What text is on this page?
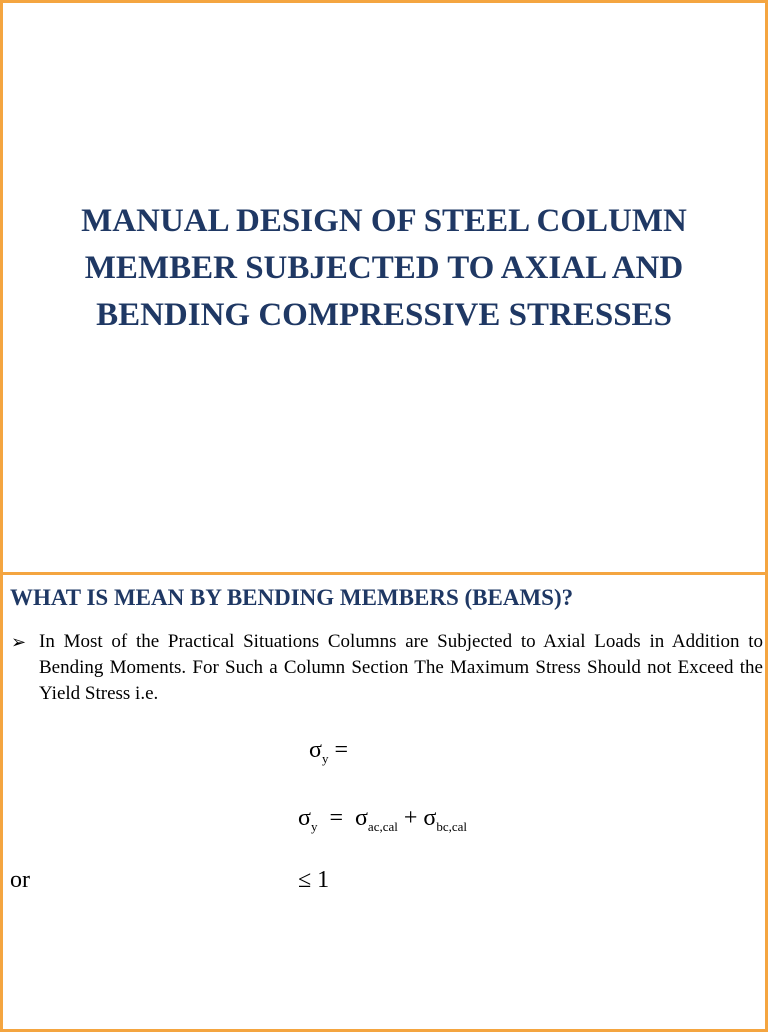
MANUAL DESIGN OF STEEL COLUMN
MEMBER SUBJECTED TO AXIAL AND
BENDING COMPRESSIVE STRESSES
WHAT IS MEAN BY BENDING MEMBERS (BEAMS)?
➢ In Most of the Practical Situations Columns are Subjected to Axial Loads in Addition to Bending Moments. For Such a Column Section The Maximum Stress Should not Exceed the Yield Stress i.e.
$\sigma_y$ =
$\sigma_y = \sigma_{ac,cal} + \sigma_{bc,cal}$
or	≤ 1
